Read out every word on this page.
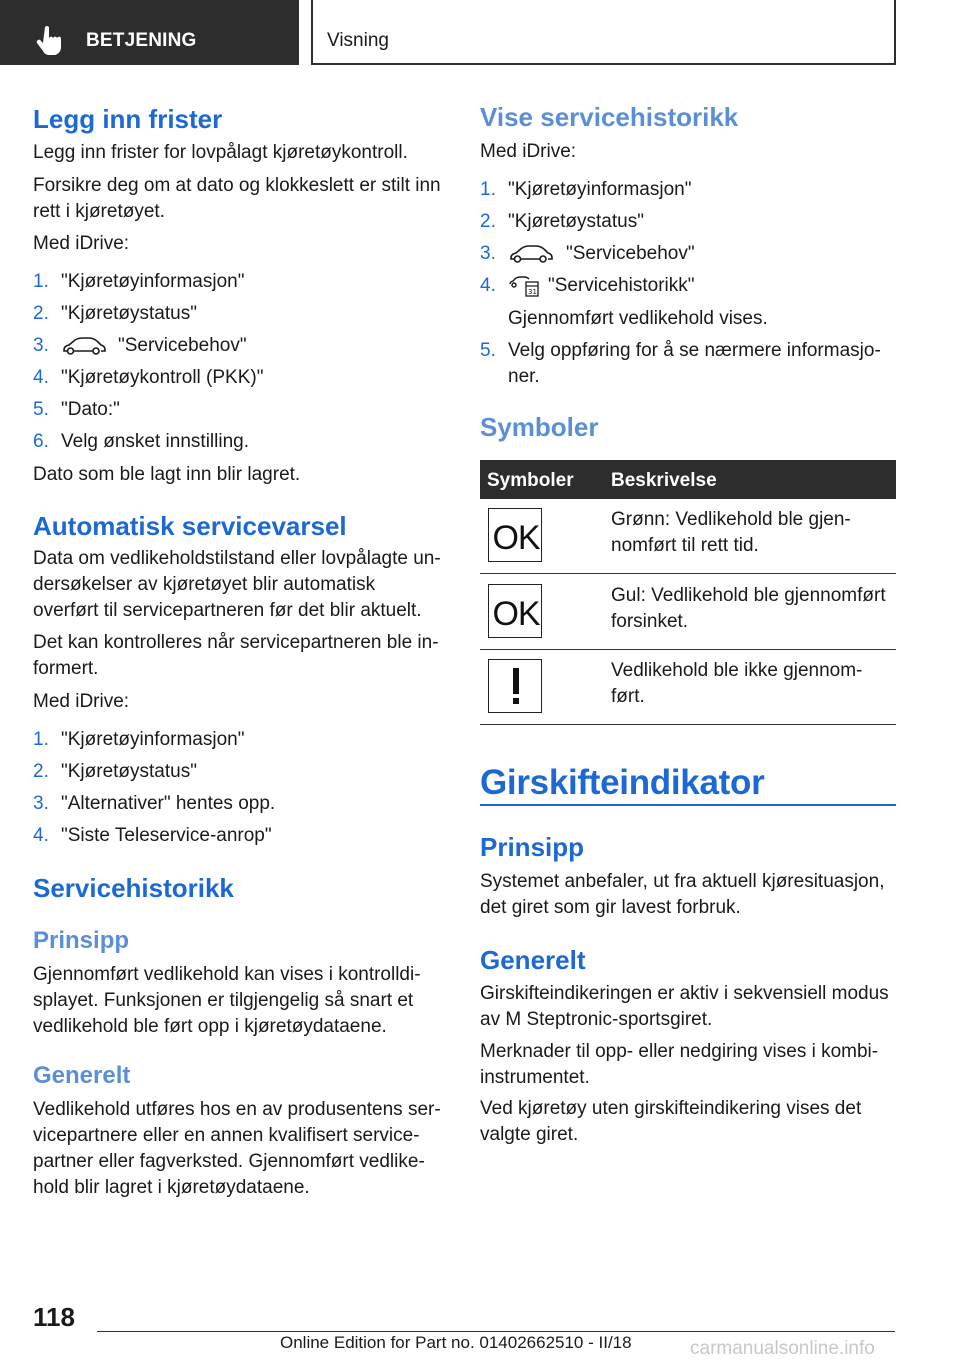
BETJENING	Visning
Legg inn frister
Legg inn frister for lovpålagt kjøretøykontroll.
Forsikre deg om at dato og klokkeslett er stilt inn rett i kjøretøyet.
Med iDrive:
1. "Kjøretøyinformasjon"
2. "Kjøretøystatus"
3.	"Servicebehov"
4. "Kjøretøykontroll (PKK)"
5. "Dato:"
6. Velg ønsket innstilling.
Dato som ble lagt inn blir lagret.
Automatisk servicevarsel
Data om vedlikeholdstilstand eller lovpålagte un-dersøkelser av kjøretøyet blir automatisk overført til servicepartneren før det blir aktuelt.
Det kan kontrolleres når servicepartneren ble in-formert.
Med iDrive:
1. "Kjøretøyinformasjon"
2. "Kjøretøystatus"
3. "Alternativer" hentes opp.
4. "Siste Teleservice-anrop"
Servicehistorikk
Prinsipp
Gjennomført vedlikehold kan vises i kontrolldi-splayet. Funksjonen er tilgjengelig så snart et vedlikehold ble ført opp i kjøretøydataene.
Generelt
Vedlikehold utføres hos en av produsentens ser-vicepartnere eller en annen kvalifisert service-partner eller fagverksted. Gjennomført vedlike-hold blir lagret i kjøretøydataene.
Vise servicehistorikk
Med iDrive:
1. "Kjøretøyinformasjon"
2. "Kjøretøystatus"
3.	"Servicebehov"
4.	31 "Servicehistorikk"
Gjennomført vedlikehold vises.
5. Velg oppføring for å se nærmere informasjo-ner.
Symboler
Symboler Beskrivelse
OK	Grønn: Vedlikehold ble gjen-nomført til rett tid.
OK	Gul: Vedlikehold ble gjennomført forsinket.
Vedlikehold ble ikke gjennom-ført.
Girskifteindikator
Prinsipp
Systemet anbefaler, ut fra aktuell kjøresituasjon, det giret som gir lavest forbruk.
Generelt
Girskifteindikeringen er aktiv i sekvensiell modus av M Steptronic-sportsgiret.
Merknader til opp- eller nedgiring vises i kombi-instrumentet.
Ved kjøretøy uten girskifteindikering vises det valgte giret.
118
Online Edition for Part no. 01402662510 - II/18	carmanualsonline.info
